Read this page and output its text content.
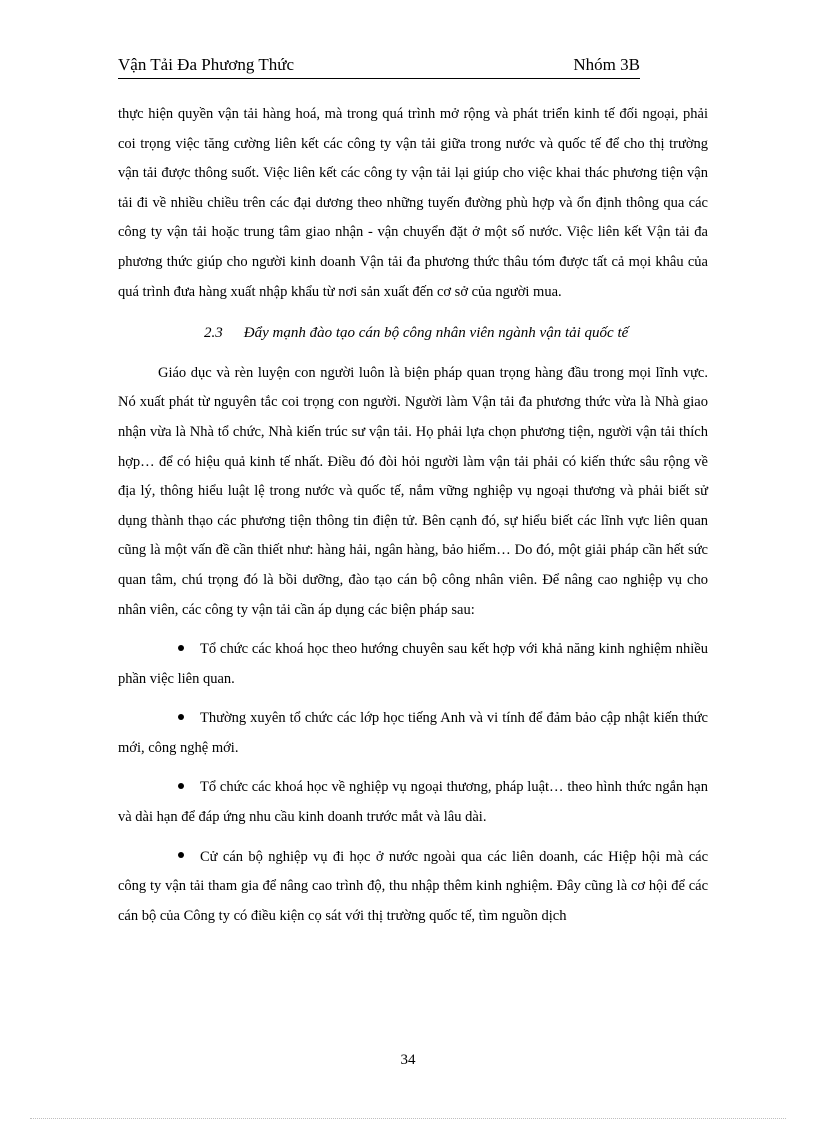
Vận Tải Đa Phương Thức	Nhóm 3B

thực hiện quyền vận tải hàng hoá, mà trong quá trình mở rộng và phát triển kinh tế đối ngoại, phải coi trọng việc tăng cường liên kết các công ty vận tải giữa trong nước và quốc tế để cho thị trường vận tải được thông suốt. Việc liên kết các công ty vận tải lại giúp cho việc khai thác phương tiện vận tải đi về nhiều chiều trên các đại dương theo những tuyến đường phù hợp và ổn định thông qua các công ty vận tải hoặc trung tâm giao nhận - vận chuyển đặt ở một số nước. Việc liên kết Vận tải đa phương thức giúp cho người kinh doanh Vận tải đa phương thức thâu tóm được tất cả mọi khâu của quá trình đưa hàng xuất nhập khẩu từ nơi sản xuất đến cơ sở của người mua.

2.3 Đẩy mạnh đào tạo cán bộ công nhân viên ngành vận tải quốc tế

Giáo dục và rèn luyện con người luôn là biện pháp quan trọng hàng đầu trong mọi lĩnh vực. Nó xuất phát từ nguyên tắc coi trọng con người. Người làm Vận tải đa phương thức vừa là Nhà giao nhận vừa là Nhà tổ chức, Nhà kiến trúc sư vận tải. Họ phải lựa chọn phương tiện, người vận tải thích hợp… để có hiệu quả kinh tế nhất. Điều đó đòi hỏi người làm vận tải phải có kiến thức sâu rộng về địa lý, thông hiểu luật lệ trong nước và quốc tế, nắm vững nghiệp vụ ngoại thương và phải biết sử dụng thành thạo các phương tiện thông tin điện tử. Bên cạnh đó, sự hiểu biết các lĩnh vực liên quan cũng là một vấn đề cần thiết như: hàng hải, ngân hàng, bảo hiểm… Do đó, một giải pháp cần hết sức quan tâm, chú trọng đó là bồi dưỡng, đào tạo cán bộ công nhân viên. Để nâng cao nghiệp vụ cho nhân viên, các công ty vận tải cần áp dụng các biện pháp sau:

Tổ chức các khoá học theo hướng chuyên sau kết hợp với khả năng kinh nghiệm nhiều phần việc liên quan.

Thường xuyên tổ chức các lớp học tiếng Anh và vi tính để đảm bảo cập nhật kiến thức mới, công nghệ mới.

Tổ chức các khoá học về nghiệp vụ ngoại thương, pháp luật… theo hình thức ngắn hạn và dài hạn để đáp ứng nhu cầu kinh doanh trước mắt và lâu dài.

Cử cán bộ nghiệp vụ đi học ở nước ngoài qua các liên doanh, các Hiệp hội mà các công ty vận tải tham gia để nâng cao trình độ, thu nhập thêm kinh nghiệm. Đây cũng là cơ hội để các cán bộ của Công ty có điều kiện cọ sát với thị trường quốc tế, tìm nguồn dịch

34
